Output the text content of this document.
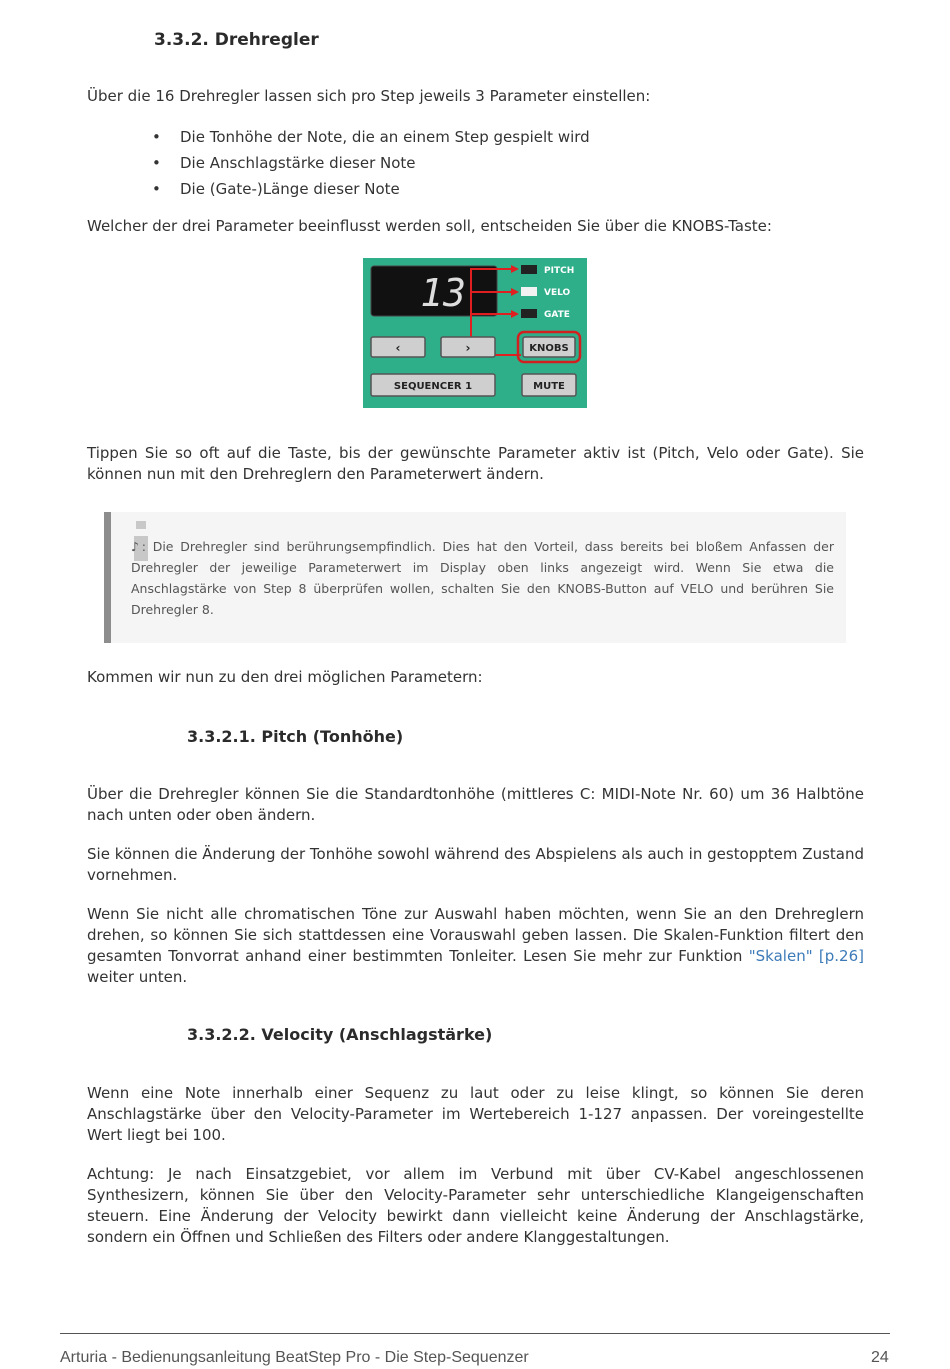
3.3.2. Drehregler

Über die 16 Drehregler lassen sich pro Step jeweils 3 Parameter einstellen:

• Die Tonhöhe der Note, die an einem Step gespielt wird
• Die Anschlagstärke dieser Note
• Die (Gate-)Länge dieser Note

Welcher der drei Parameter beeinflusst werden soll, entscheiden Sie über die KNOBS-Taste:

13	PITCH
VELO
GATE
‹	›	KNOBS
SEQUENCER 1	MUTE

Tippen Sie so oft auf die Taste, bis der gewünschte Parameter aktiv ist (Pitch, Velo oder Gate). Sie können nun mit den Drehreglern den Parameterwert ändern.

♪: Die Drehregler sind berührungsempfindlich. Dies hat den Vorteil, dass bereits bei bloßem Anfassen der Drehregler der jeweilige Parameterwert im Display oben links angezeigt wird. Wenn Sie etwa die Anschlagstärke von Step 8 überprüfen wollen, schalten Sie den KNOBS-Button auf VELO und berühren Sie Drehregler 8.

Kommen wir nun zu den drei möglichen Parametern:

3.3.2.1. Pitch (Tonhöhe)

Über die Drehregler können Sie die Standardtonhöhe (mittleres C: MIDI-Note Nr. 60) um 36 Halbtöne nach unten oder oben ändern.

Sie können die Änderung der Tonhöhe sowohl während des Abspielens als auch in gestopptem Zustand vornehmen.

Wenn Sie nicht alle chromatischen Töne zur Auswahl haben möchten, wenn Sie an den Drehreglern drehen, so können Sie sich stattdessen eine Vorauswahl geben lassen. Die Skalen-Funktion filtert den gesamten Tonvorrat anhand einer bestimmten Tonleiter. Lesen Sie mehr zur Funktion "Skalen" [p.26] weiter unten.

3.3.2.2. Velocity (Anschlagstärke)

Wenn eine Note innerhalb einer Sequenz zu laut oder zu leise klingt, so können Sie deren Anschlagstärke über den Velocity-Parameter im Wertebereich 1-127 anpassen. Der voreingestellte Wert liegt bei 100.

Achtung: Je nach Einsatzgebiet, vor allem im Verbund mit über CV-Kabel angeschlossenen Synthesizern, können Sie über den Velocity-Parameter sehr unterschiedliche Klangeigenschaften steuern. Eine Änderung der Velocity bewirkt dann vielleicht keine Änderung der Anschlagstärke, sondern ein Öffnen und Schließen des Filters oder andere Klanggestaltungen.

Arturia - Bedienungsanleitung BeatStep Pro - Die Step-Sequenzer	24
